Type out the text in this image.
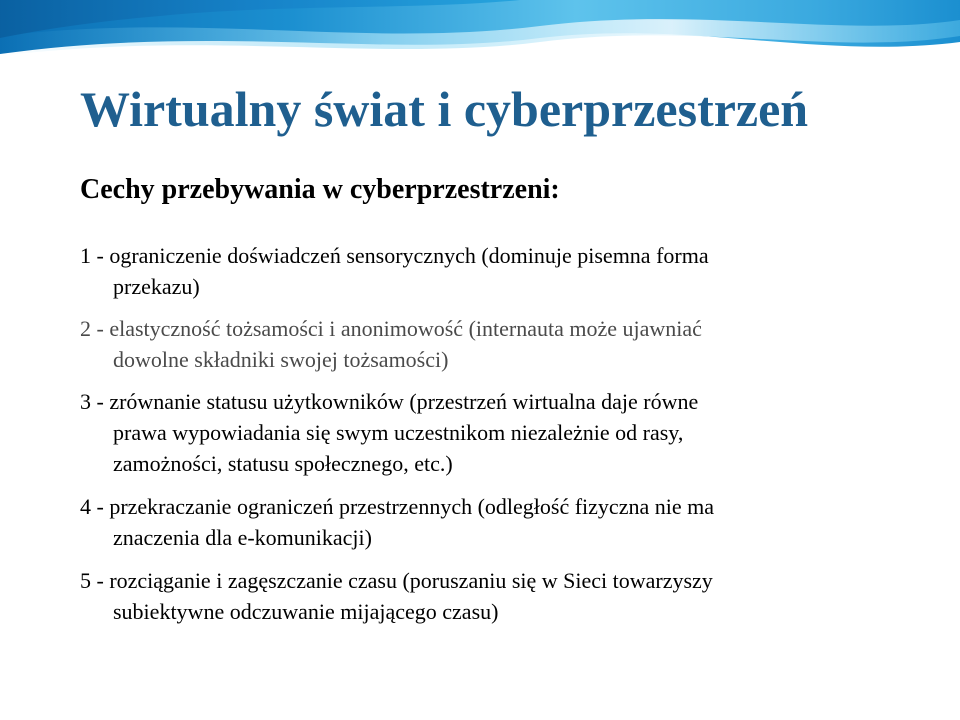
Wirtualny świat i cyberprzestrzeń
Cechy przebywania w cyberprzestrzeni:

1 - ograniczenie doświadczeń sensorycznych (dominuje pisemna forma
przekazu)

2 - elastyczność tożsamości i anonimowość (internauta może ujawniać
dowolne składniki swojej tożsamości)

3 - zrównanie statusu użytkowników (przestrzeń wirtualna daje równe
prawa wypowiadania się swym uczestnikom niezależnie od rasy,
zamożności, statusu społecznego, etc.)

4 - przekraczanie ograniczeń przestrzennych (odległość fizyczna nie ma
znaczenia dla e-komunikacji)

5 - rozciąganie i zagęszczanie czasu (poruszaniu się w Sieci towarzyszy
subiektywne odczuwanie mijającego czasu)
